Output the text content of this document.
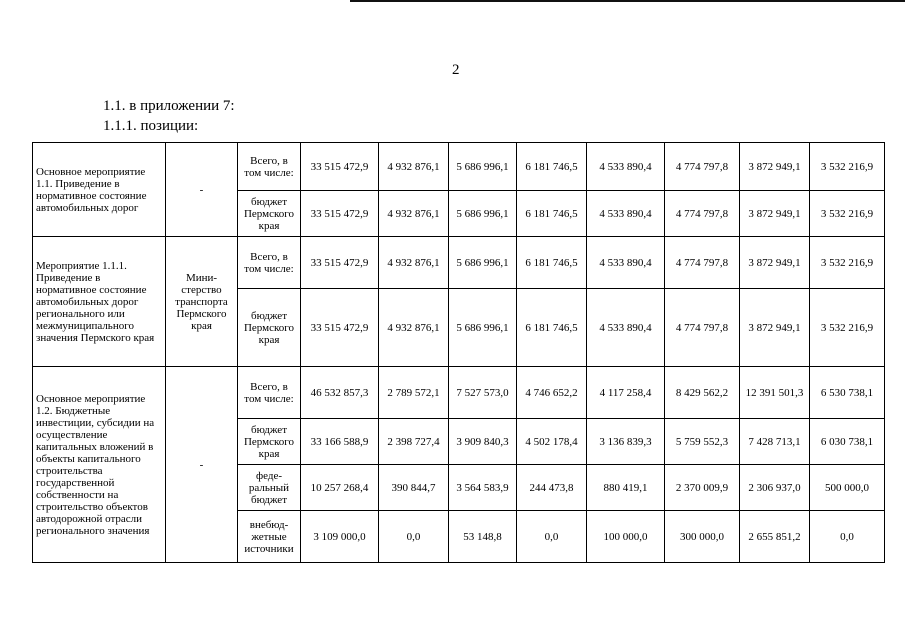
2
1.1. в приложении 7:
1.1.1. позиции:
Основное мероприятие 1.1. Приведение в нормативное состояние автомобильных дорог	-	Всего, в том числе:	33 515 472,9	4 932 876,1	5 686 996,1	6 181 746,5	4 533 890,4	4 774 797,8	3 872 949,1	3 532 216,9
		бюджет Пермского края	33 515 472,9	4 932 876,1	5 686 996,1	6 181 746,5	4 533 890,4	4 774 797,8	3 872 949,1	3 532 216,9
Мероприятие 1.1.1. Приведение в нормативное состояние автомобильных дорог регионального или межмуниципального значения Пермского края	Мини-стерство транспорта Пермского края	Всего, в том числе:	33 515 472,9	4 932 876,1	5 686 996,1	6 181 746,5	4 533 890,4	4 774 797,8	3 872 949,1	3 532 216,9
		бюджет Пермского края	33 515 472,9	4 932 876,1	5 686 996,1	6 181 746,5	4 533 890,4	4 774 797,8	3 872 949,1	3 532 216,9
Основное мероприятие 1.2. Бюджетные инвестиции, субсидии на осуществление капитальных вложений в объекты капитального строительства государственной собственности на строительство объектов автодорожной отрасли регионального значения	-	Всего, в том числе:	46 532 857,3	2 789 572,1	7 527 573,0	4 746 652,2	4 117 258,4	8 429 562,2	12 391 501,3	6 530 738,1
		бюджет Пермского края	33 166 588,9	2 398 727,4	3 909 840,3	4 502 178,4	3 136 839,3	5 759 552,3	7 428 713,1	6 030 738,1
		феде-ральный бюджет	10 257 268,4	390 844,7	3 564 583,9	244 473,8	880 419,1	2 370 009,9	2 306 937,0	500 000,0
		внебюд-жетные источники	3 109 000,0	0,0	53 148,8	0,0	100 000,0	300 000,0	2 655 851,2	0,0
